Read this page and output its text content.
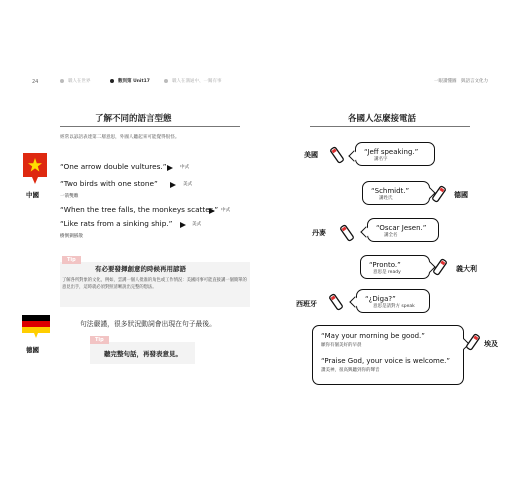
24	職人在世界	數到第 Unit17	職人在溝通中、一關有事	一眼讀懂圖　與語言文化力
了解不同的語言型態
經常以諺語表達第二層意思，外國人聽起來可能覺得很怪。
中國
“One arrow double vultures.”	中式
“Two birds with one stone”	美式
一箭雙雕
“When the tree falls, the monkeys scatter.” 中式
“Like rats from a sinking ship.”	美式
樹倒猢猻散
Tip
有必要發揮創意的時候再用諺語
了解各所對象的文化，例如，雲溝一個人批准的角色或工作情況：美國同事可能直接講一個簡單的意見出手，這時就必須對照清晰說出完整的想法。
德國
句法嚴謹，很多狀況動詞會出現在句子最後。
Tip
聽完整句話，再發表意見。
各國人怎麼接電話
美國	“Jeff speaking.”
講名字
“Schmidt.”
講姓氏	德國
丹麥
“Oscar Jesen.”
講全名
“Pronto.”
意思是 ready	義大利
西班牙
“¿Diga?”
意思是請對方 speak
“May your morning be good.”
願你有個美好的早晨
“Praise God, your voice is welcome.”
讚美神，很高興聽到你的聲音
埃及
